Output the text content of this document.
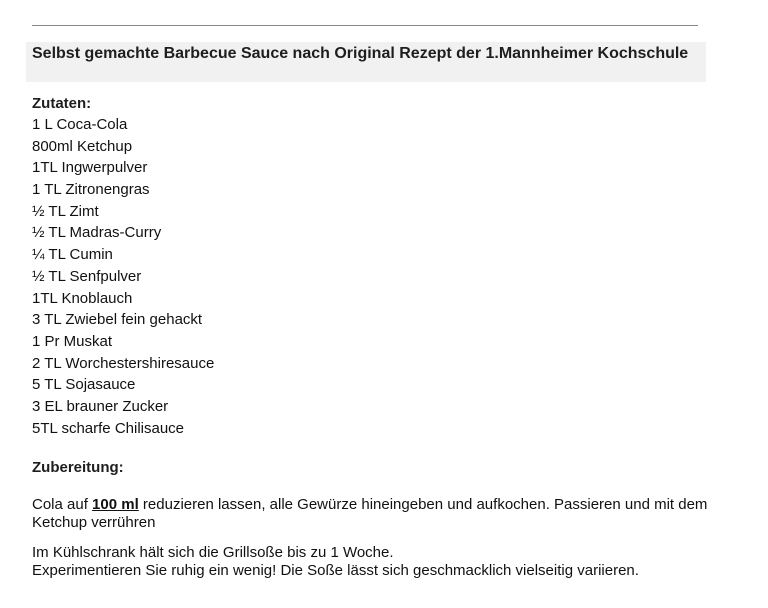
Selbst gemachte Barbecue Sauce nach Original Rezept der 1.Mannheimer Kochschule
Zutaten:
1 L Coca-Cola
800ml Ketchup
1TL Ingwerpulver
1 TL Zitronengras
½ TL Zimt
½ TL Madras-Curry
¼ TL Cumin
½ TL Senfpulver
1TL Knoblauch
3 TL Zwiebel fein gehackt
1 Pr Muskat
2 TL Worchestershiresauce
5 TL Sojasauce
3 EL brauner Zucker
5TL scharfe Chilisauce
Zubereitung:

Cola auf 100 ml reduzieren lassen, alle Gewürze hineingeben und aufkochen. Passieren und mit dem Ketchup verrühren

Im Kühlschrank hält sich die Grillsoße bis zu 1 Woche.
Experimentieren Sie ruhig ein wenig! Die Soße lässt sich geschmacklich vielseitig variieren.
